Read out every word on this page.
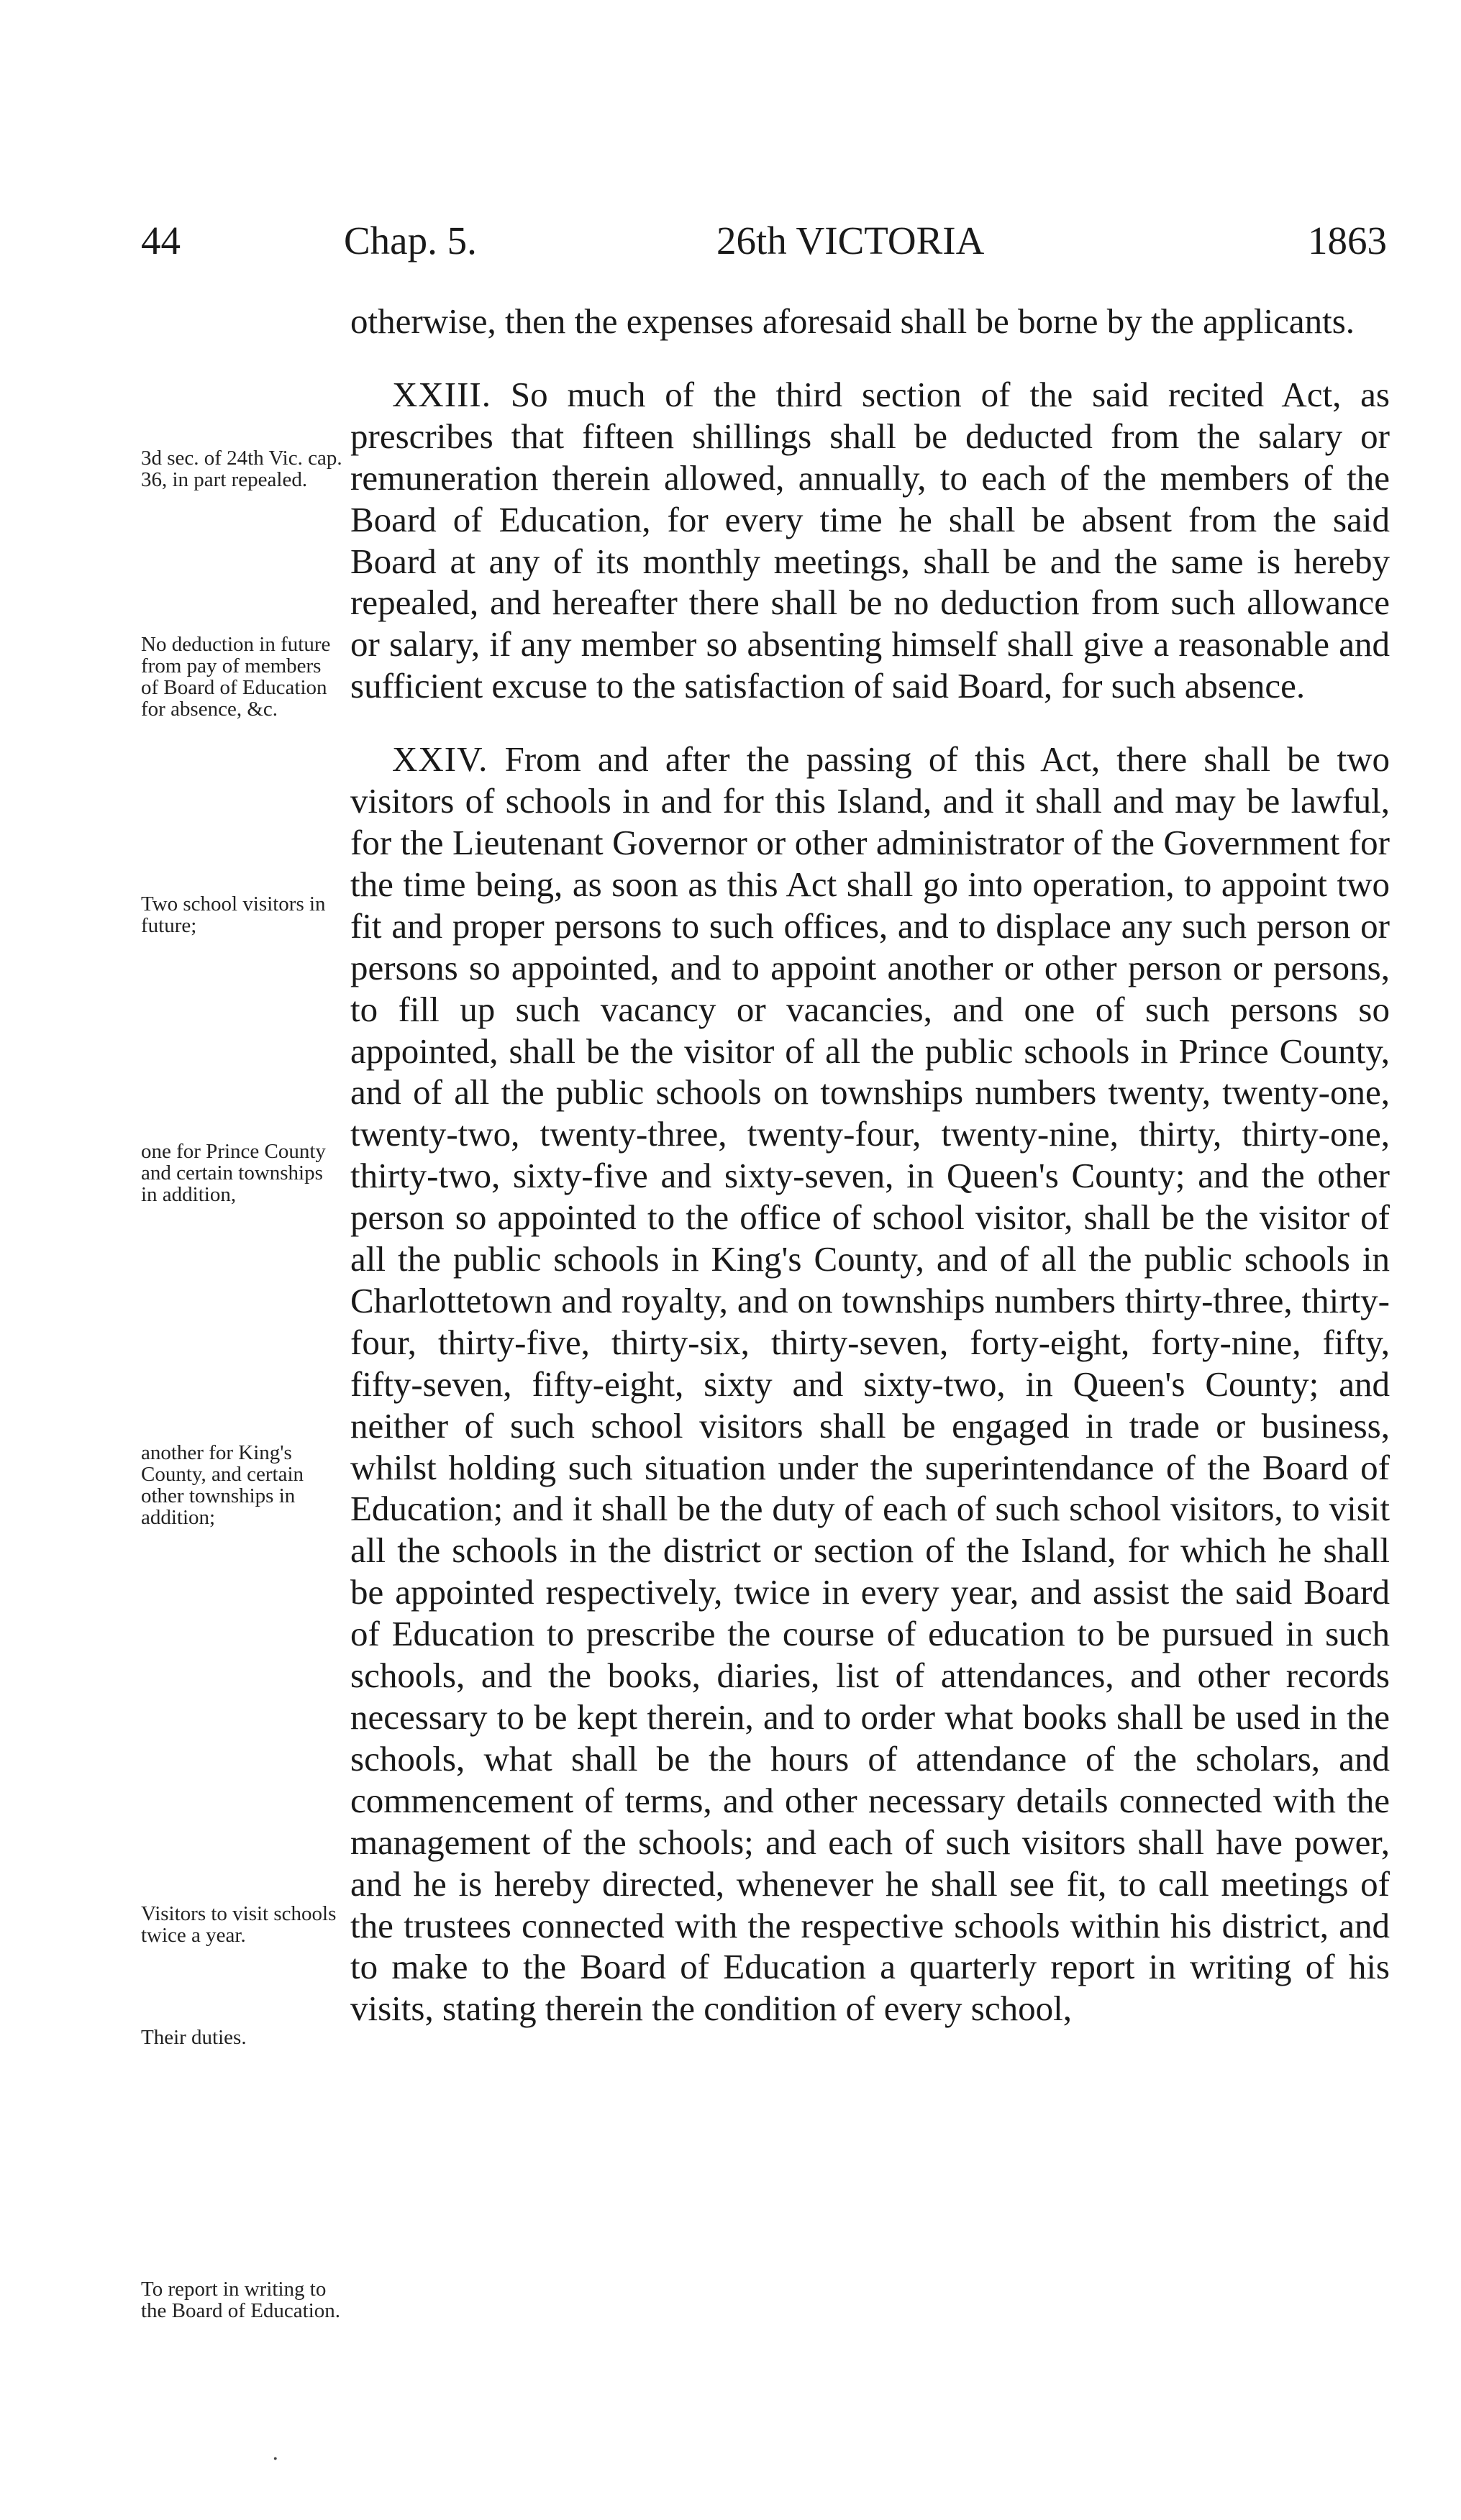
44	Chap. 5.	26th VICTORIA	1863

otherwise, then the expenses aforesaid shall be borne by the applicants.

XXIII. So much of the third section of the said recited Act, as prescribes that fifteen shillings shall be deducted from the salary or remuneration therein allowed, annually, to each of the members of the Board of Education, for every time he shall be absent from the said Board at any of its monthly meetings, shall be and the same is hereby repealed, and hereafter there shall be no deduction from such allowance or salary, if any member so absenting himself shall give a reasonable and sufficient excuse to the satisfaction of said Board, for such absence.

XXIV. From and after the passing of this Act, there shall be two visitors of schools in and for this Island, and it shall and may be lawful, for the Lieutenant Governor or other administrator of the Government for the time being, as soon as this Act shall go into operation, to appoint two fit and proper persons to such offices, and to displace any such person or persons so appointed, and to appoint another or other person or persons, to fill up such vacancy or vacancies, and one of such persons so appointed, shall be the visitor of all the public schools in Prince County, and of all the public schools on townships numbers twenty, twenty-one, twenty-two, twenty-three, twenty-four, twenty-nine, thirty, thirty-one, thirty-two, sixty-five and sixty-seven, in Queen's County; and the other person so appointed to the office of school visitor, shall be the visitor of all the public schools in King's County, and of all the public schools in Charlottetown and royalty, and on townships numbers thirty-three, thirty-four, thirty-five, thirty-six, thirty-seven, forty-eight, forty-nine, fifty, fifty-seven, fifty-eight, sixty and sixty-two, in Queen's County; and neither of such school visitors shall be engaged in trade or business, whilst holding such situation under the superintendance of the Board of Education; and it shall be the duty of each of such school visitors, to visit all the schools in the district or section of the Island, for which he shall be appointed respectively, twice in every year, and assist the said Board of Education to prescribe the course of education to be pursued in such schools, and the books, diaries, list of attendances, and other records necessary to be kept therein, and to order what books shall be used in the schools, what shall be the hours of attendance of the scholars, and commencement of terms, and other necessary details connected with the management of the schools; and each of such visitors shall have power, and he is hereby directed, whenever he shall see fit, to call meetings of the trustees connected with the respective schools within his district, and to make to the Board of Education a quarterly report in writing of his visits, stating therein the condition of every school,

3d sec. of 24th Vic. cap. 36, in part repealed.
No deduction in future from pay of members of Board of Education for absence, &c.
Two school visitors in future;
one for Prince County and certain townships in addition,
another for King's County, and certain other townships in addition;
Visitors to visit schools twice a year.
Their duties.
To report in writing to the Board of Education.
.
